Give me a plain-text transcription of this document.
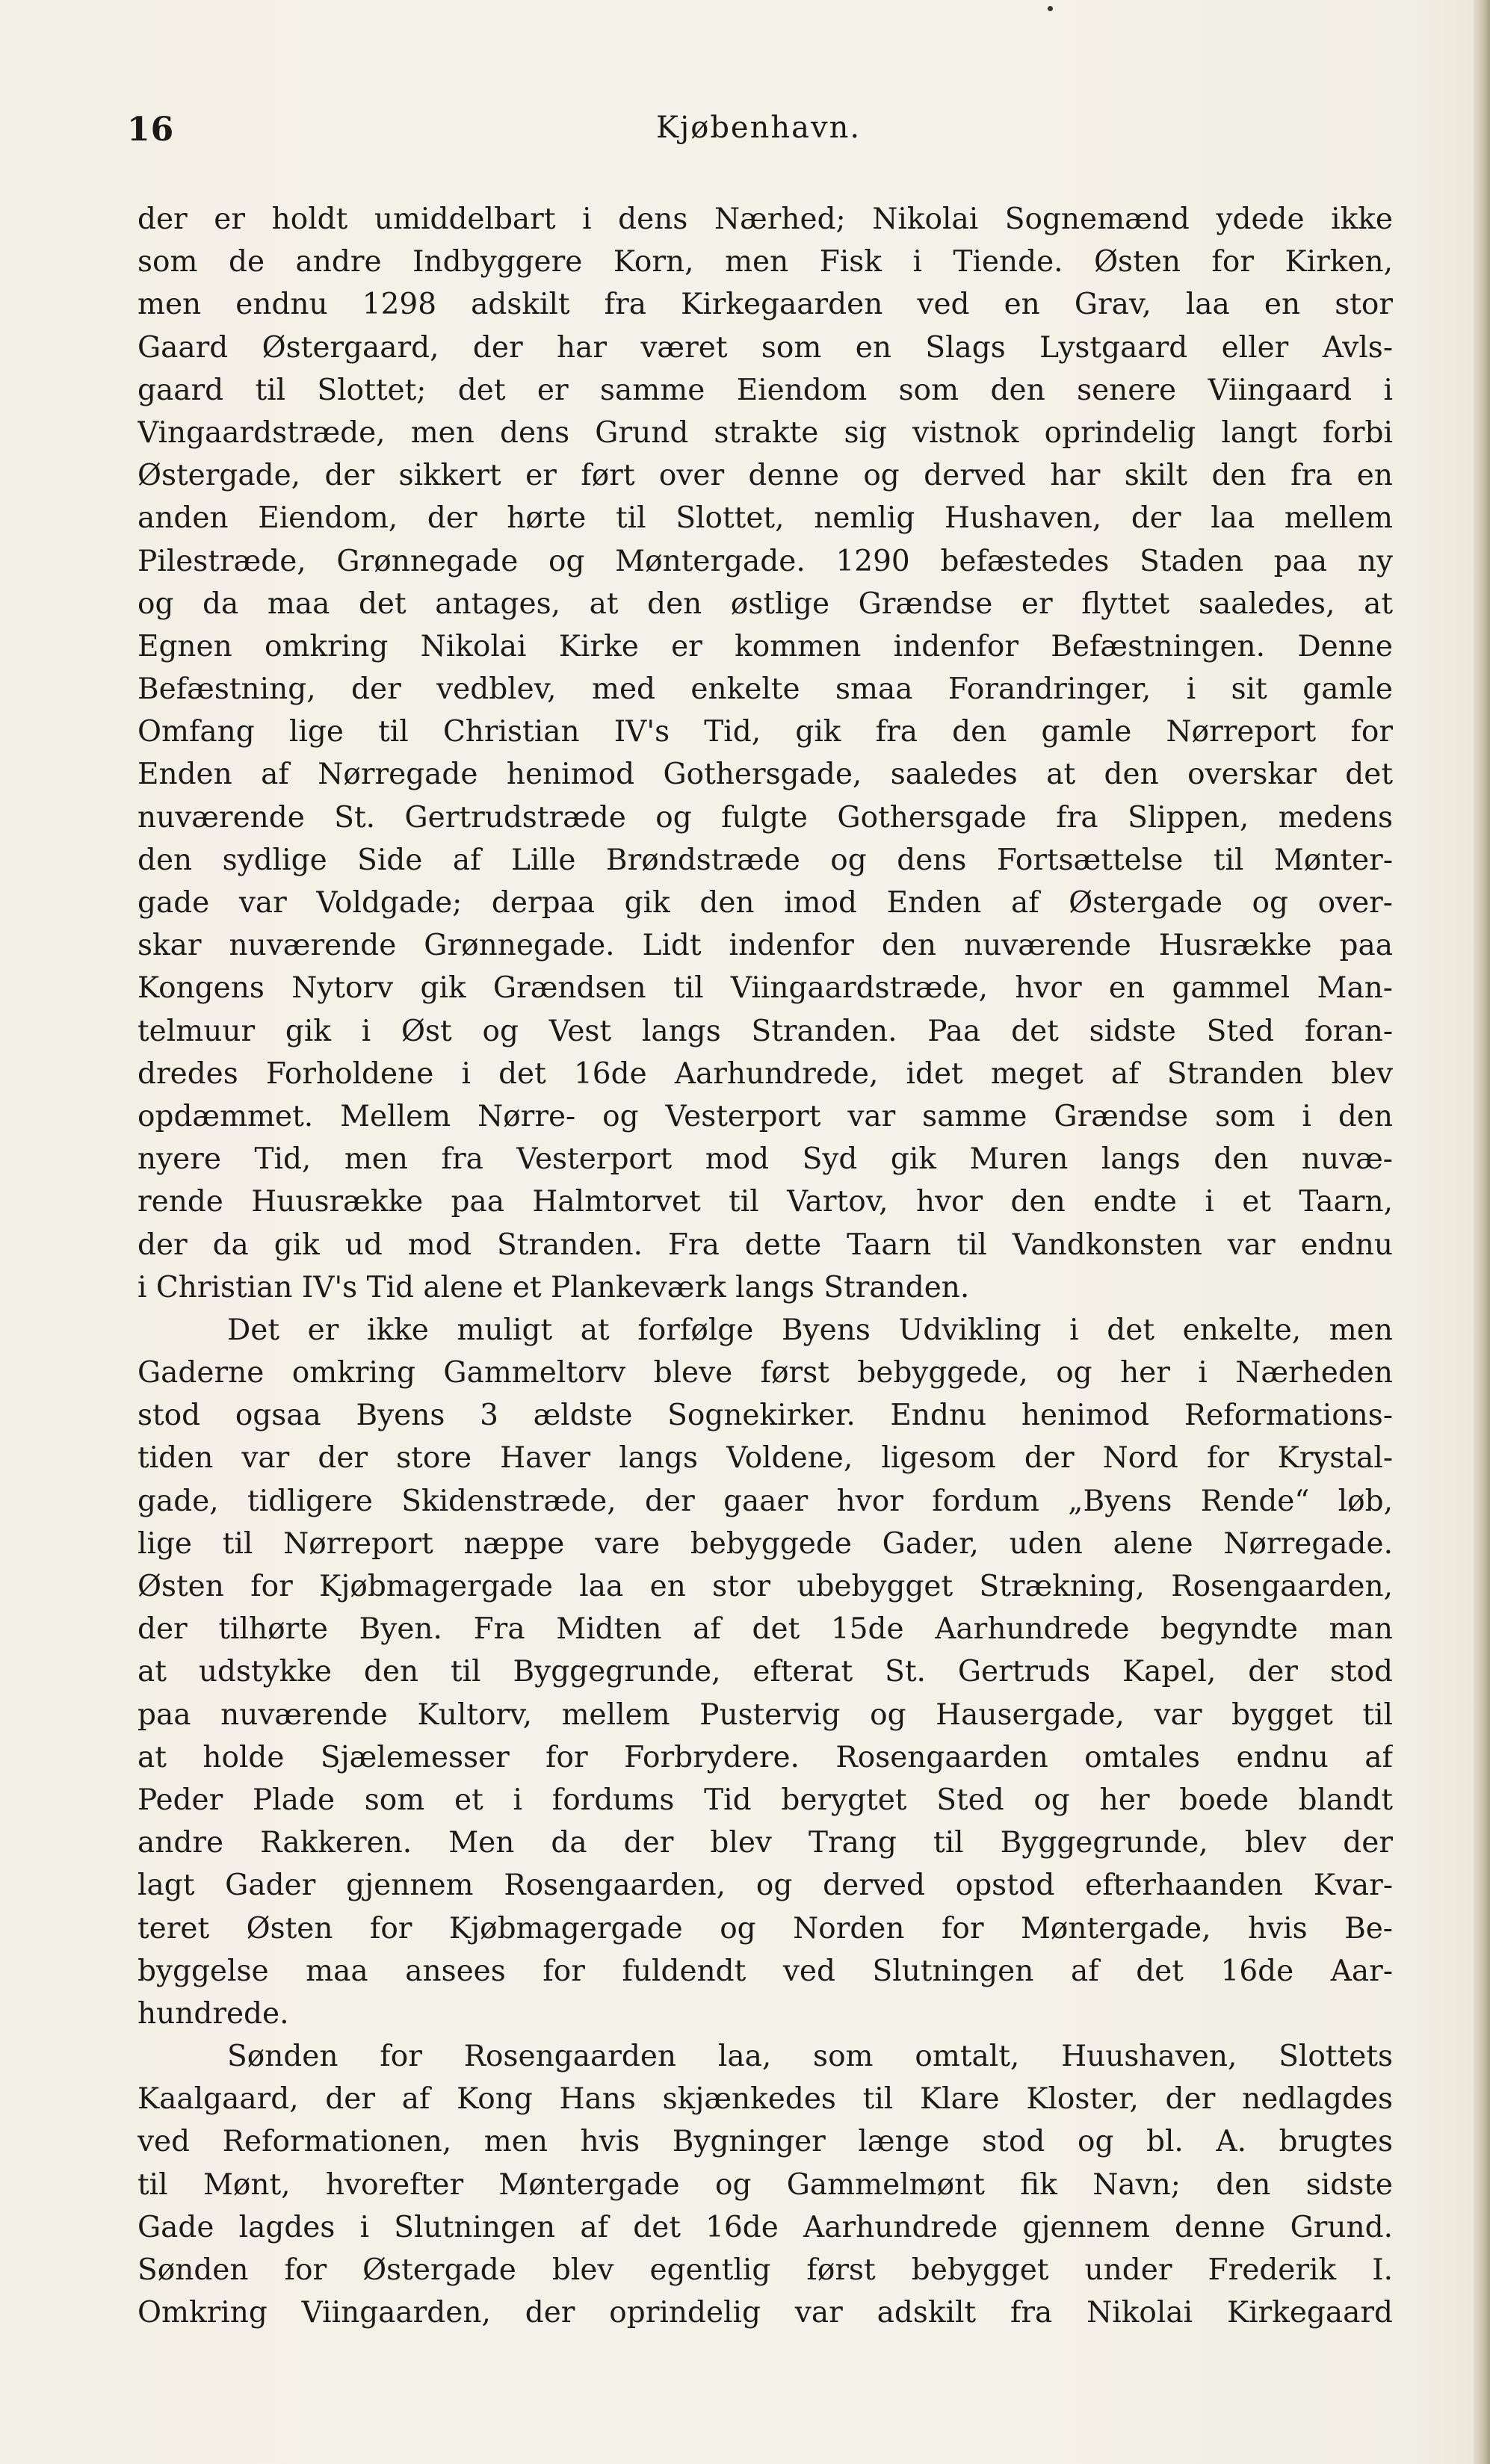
16	Kjøbenhavn.
der er holdt umiddelbart i dens Nærhed; Nikolai Sognemænd ydede ikke
som de andre Indbyggere Korn, men Fisk i Tiende. Østen for Kirken,
men endnu 1298 adskilt fra Kirkegaarden ved en Grav, laa en stor
Gaard Østergaard, der har været som en Slags Lystgaard eller Avls-
gaard til Slottet; det er samme Eiendom som den senere Viingaard i
Vingaardstræde, men dens Grund strakte sig vistnok oprindelig langt forbi
Østergade, der sikkert er ført over denne og derved har skilt den fra en
anden Eiendom, der hørte til Slottet, nemlig Hushaven, der laa mellem
Pilestræde, Grønnegade og Møntergade. 1290 befæstedes Staden paa ny
og da maa det antages, at den østlige Grændse er flyttet saaledes, at
Egnen omkring Nikolai Kirke er kommen indenfor Befæstningen. Denne
Befæstning, der vedblev, med enkelte smaa Forandringer, i sit gamle
Omfang lige til Christian IV's Tid, gik fra den gamle Nørreport for
Enden af Nørregade henimod Gothersgade, saaledes at den overskar det
nuværende St. Gertrudstræde og fulgte Gothersgade fra Slippen, medens
den sydlige Side af Lille Brøndstræde og dens Fortsættelse til Mønter-
gade var Voldgade; derpaa gik den imod Enden af Østergade og over-
skar nuværende Grønnegade. Lidt indenfor den nuværende Husrække paa
Kongens Nytorv gik Grændsen til Viingaardstræde, hvor en gammel Man-
telmuur gik i Øst og Vest langs Stranden. Paa det sidste Sted foran-
dredes Forholdene i det 16de Aarhundrede, idet meget af Stranden blev
opdæmmet. Mellem Nørre- og Vesterport var samme Grændse som i den
nyere Tid, men fra Vesterport mod Syd gik Muren langs den nuvæ-
rende Huusrække paa Halmtorvet til Vartov, hvor den endte i et Taarn,
der da gik ud mod Stranden. Fra dette Taarn til Vandkonsten var endnu
i Christian IV's Tid alene et Plankeværk langs Stranden.
Det er ikke muligt at forfølge Byens Udvikling i det enkelte, men
Gaderne omkring Gammeltorv bleve først bebyggede, og her i Nærheden
stod ogsaa Byens 3 ældste Sognekirker. Endnu henimod Reformations-
tiden var der store Haver langs Voldene, ligesom der Nord for Krystal-
gade, tidligere Skidenstræde, der gaaer hvor fordum „Byens Rende“ løb,
lige til Nørreport næppe vare bebyggede Gader, uden alene Nørregade.
Østen for Kjøbmagergade laa en stor ubebygget Strækning, Rosengaarden,
der tilhørte Byen. Fra Midten af det 15de Aarhundrede begyndte man
at udstykke den til Byggegrunde, efterat St. Gertruds Kapel, der stod
paa nuværende Kultorv, mellem Pustervig og Hausergade, var bygget til
at holde Sjælemesser for Forbrydere. Rosengaarden omtales endnu af
Peder Plade som et i fordums Tid berygtet Sted og her boede blandt
andre Rakkeren. Men da der blev Trang til Byggegrunde, blev der
lagt Gader gjennem Rosengaarden, og derved opstod efterhaanden Kvar-
teret Østen for Kjøbmagergade og Norden for Møntergade, hvis Be-
byggelse maa ansees for fuldendt ved Slutningen af det 16de Aar-
hundrede.
Sønden for Rosengaarden laa, som omtalt, Huushaven, Slottets
Kaalgaard, der af Kong Hans skjænkedes til Klare Kloster, der nedlagdes
ved Reformationen, men hvis Bygninger længe stod og bl. A. brugtes
til Mønt, hvorefter Møntergade og Gammelmønt fik Navn; den sidste
Gade lagdes i Slutningen af det 16de Aarhundrede gjennem denne Grund.
Sønden for Østergade blev egentlig først bebygget under Frederik I.
Omkring Viingaarden, der oprindelig var adskilt fra Nikolai Kirkegaard
